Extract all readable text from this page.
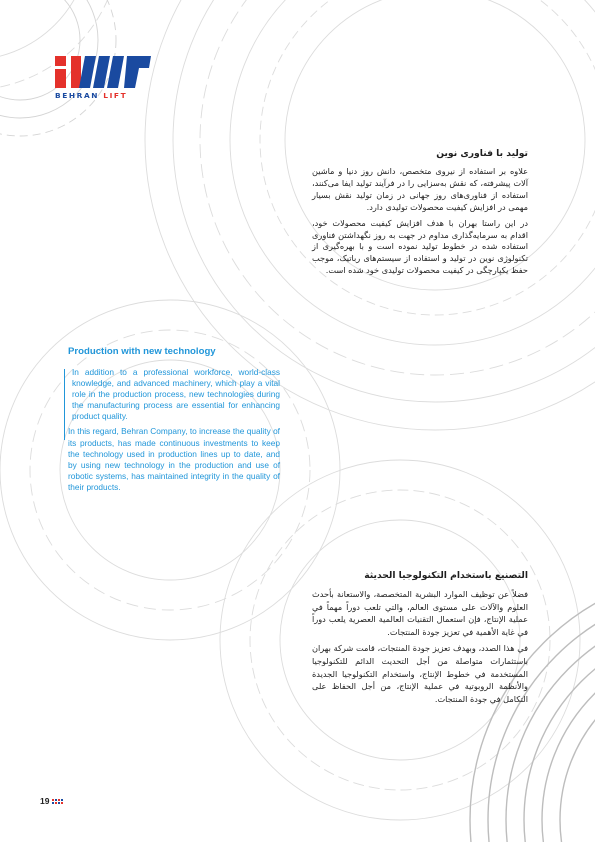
BEHRAN LIFT
تولید با فناوری نوین

علاوه بر استفاده از نیروی متخصص، دانش روز دنیا و ماشین آلات پیشرفته، که نقش به‌سزایی را در فرآیند تولید ایفا می‌کنند، استفاده از فناوری‌های روز جهانی در زمان تولید نقش بسیار مهمی در افزایش کیفیت محصولات تولیدی دارد.

در این راستا بهران با هدف افزایش کیفیت محصولات خود، اقدام به سرمایه‌گذاری مداوم در جهت به روز نگهداشتن فناوری استفاده شده در خطوط تولید نموده است و با بهره‌گیری از تکنولوژی نوین در تولید و استفاده از سیستم‌های رباتیک، موجب حفظ یکپارچگی در کیفیت محصولات تولیدی خود شده است.

Production with new technology

In addition to a professional workforce, world-class knowledge, and advanced machinery, which play a vital role in the production process, new technologies during the manufacturing process are essential for enhancing product quality.

In this regard, Behran Company, to increase the quality of its products, has made continuous investments to keep the technology used in production lines up to date, and by using new technology in the production and use of robotic systems, has maintained integrity in the quality of their products.

التصنيع باستخدام التكنولوجيا الحديثة

فضلاً عن توظيف الموارد البشرية المتخصصة، والاستعانة بأحدث العلوم والآلات على مستوى العالم، والتي تلعب دوراً مهماً في عملية الإنتاج، فإن استعمال التقنيات العالمية العصرية يلعب دوراً في غاية الأهمية في تعزيز جودة المنتجات.

في هذا الصدد، وبهدف تعزيز جودة المنتجات، قامت شركة بهران باستثمارات متواصلة من أجل التحديث الدائم للتكنولوجيا المستخدمة في خطوط الإنتاج، واستخدام التكنولوجيا الجديدة والأنظمة الروبوتية في عملية الإنتاج، من أجل الحفاظ على التكامل في جودة المنتجات.

19
